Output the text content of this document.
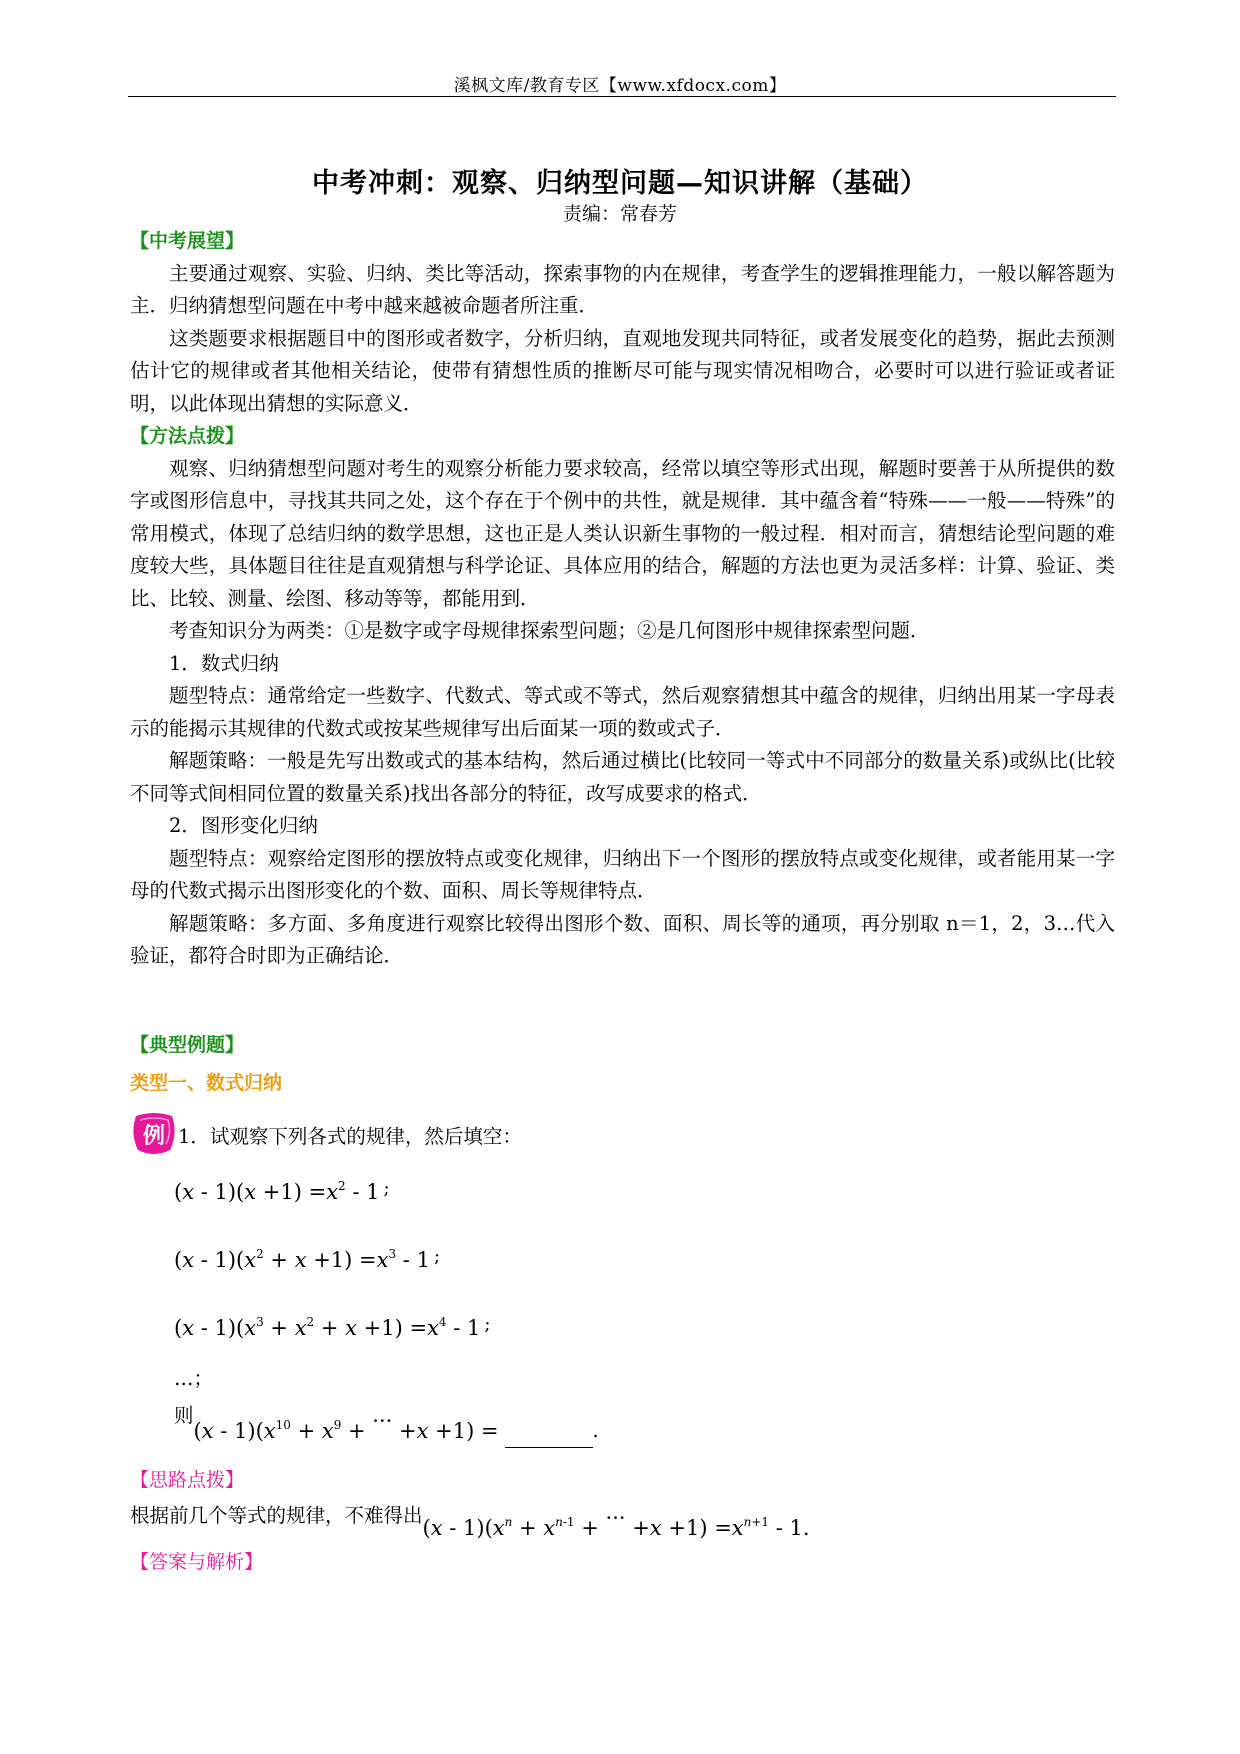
溪枫文库/教育专区【www.xfdocx.com】
中考冲刺：观察、归纳型问题—知识讲解（基础）
责编：常春芳
【中考展望】

主要通过观察、实验、归纳、类比等活动，探索事物的内在规律，考查学生的逻辑推理能力，一般以解答题为主．归纳猜想型问题在中考中越来越被命题者所注重．

这类题要求根据题目中的图形或者数字，分析归纳，直观地发现共同特征，或者发展变化的趋势，据此去预测估计它的规律或者其他相关结论，使带有猜想性质的推断尽可能与现实情况相吻合，必要时可以进行验证或者证明，以此体现出猜想的实际意义．

【方法点拨】

观察、归纳猜想型问题对考生的观察分析能力要求较高，经常以填空等形式出现，解题时要善于从所提供的数字或图形信息中，寻找其共同之处，这个存在于个例中的共性，就是规律．其中蕴含着“特殊——一般——特殊”的常用模式，体现了总结归纳的数学思想，这也正是人类认识新生事物的一般过程．相对而言，猜想结论型问题的难度较大些，具体题目往往是直观猜想与科学论证、具体应用的结合，解题的方法也更为灵活多样：计算、验证、类比、比较、测量、绘图、移动等等，都能用到．

考查知识分为两类：①是数字或字母规律探索型问题；②是几何图形中规律探索型问题．

1．数式归纳

题型特点：通常给定一些数字、代数式、等式或不等式，然后观察猜想其中蕴含的规律，归纳出用某一字母表示的能揭示其规律的代数式或按某些规律写出后面某一项的数或式子．

解题策略：一般是先写出数或式的基本结构，然后通过横比(比较同一等式中不同部分的数量关系)或纵比(比较不同等式间相同位置的数量关系)找出各部分的特征，改写成要求的格式．

2．图形变化归纳

题型特点：观察给定图形的摆放特点或变化规律，归纳出下一个图形的摆放特点或变化规律，或者能用某一字母的代数式揭示出图形变化的个数、面积、周长等规律特点．

解题策略：多方面、多角度进行观察比较得出图形个数、面积、周长等的通项，再分别取 n＝1，2，3…代入验证，都符合时即为正确结论．

【典型例题】
类型一、数式归纳
例 1．试观察下列各式的规律，然后填空：
$(x - 1)(x +1) =x^2 - 1$ ;
$(x - 1)(x^2 + x +1) =x^3 - 1$ ;
$(x - 1)(x^3 + x^2 + x +1) =x^4 - 1$ ;
…；
则
$(x - 1)(x^{10} + x^9$ + ··· +x +1) =	.
【思路点拨】
根据前几个等式的规律，不难得出
$(x - 1)(x^n + x^{n-1}$ + ··· $+x +1) =x^{n+1} - 1$.
【答案与解析】
